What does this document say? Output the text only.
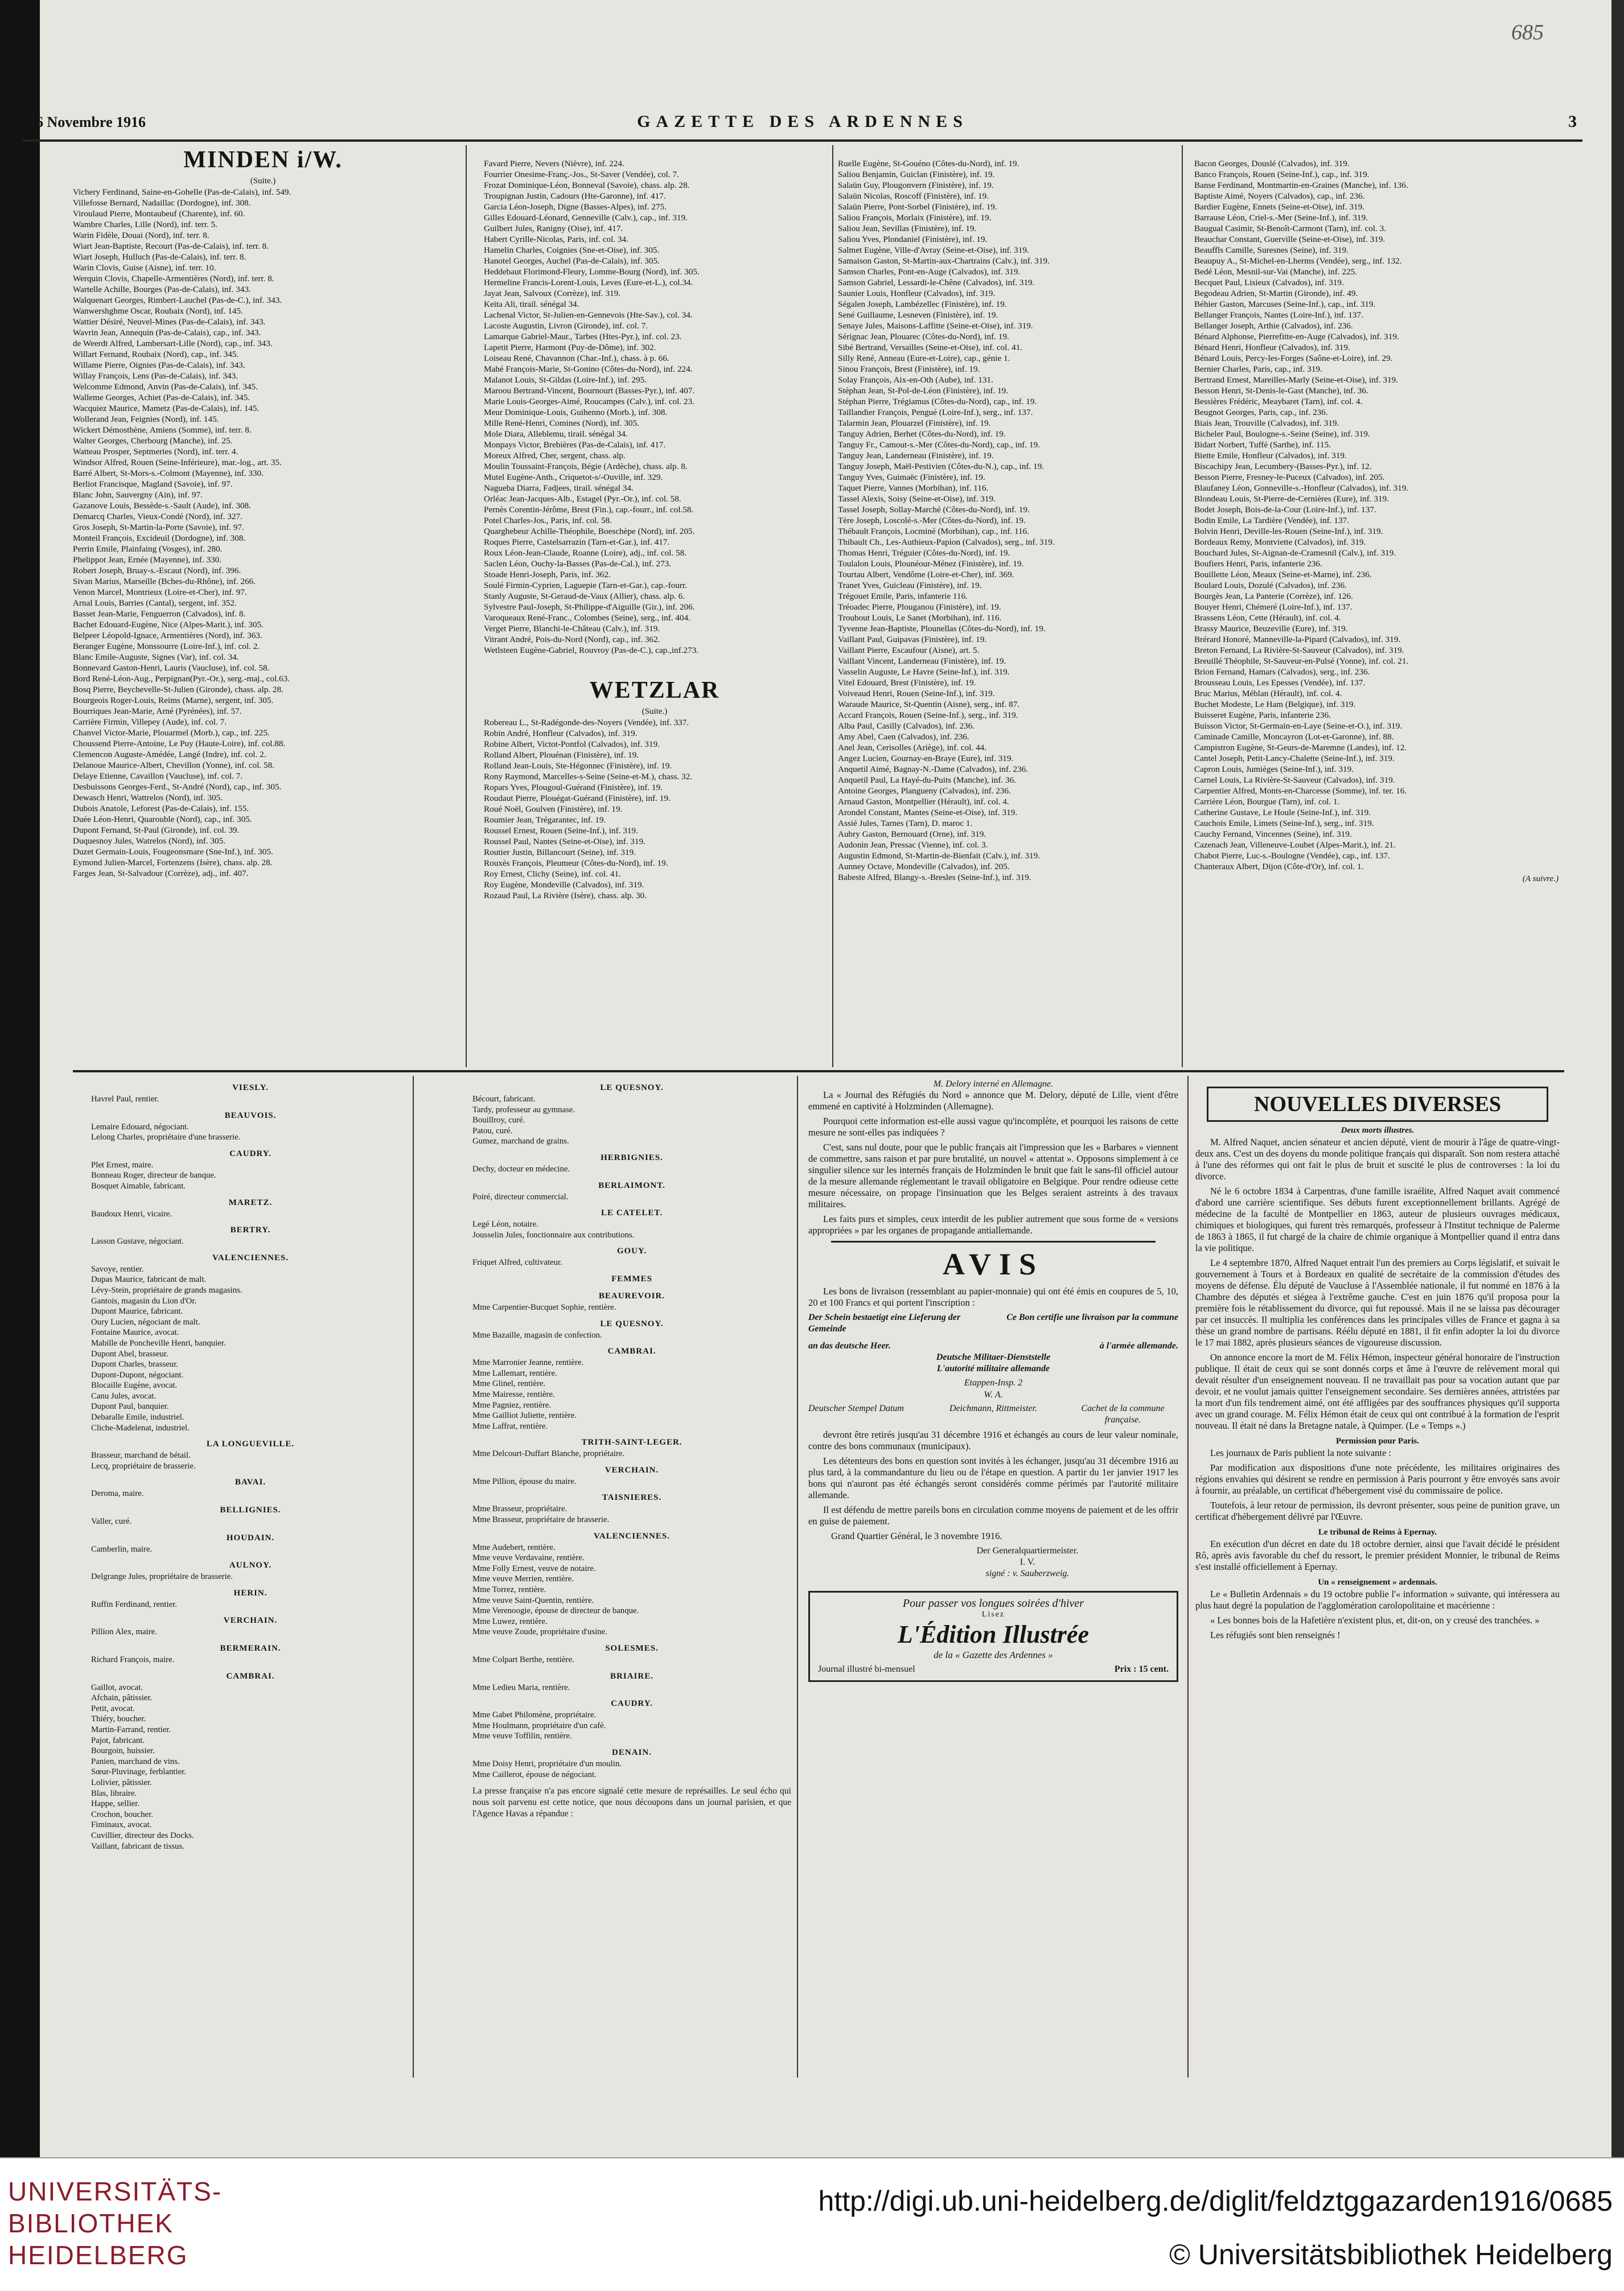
685
16 Novembre 1916	GAZETTE DES ARDENNES	3
MINDEN i/W.
(Suite.)
Vichery Ferdinand, Saine-en-Gohelle (Pas-de-Calais), inf. 549.
Villefosse Bernard, Nadaillac (Dordogne), inf. 308.
Viroulaud Pierre, Montaubeuf (Charente), inf. 60.
Wambre Charles, Lille (Nord), inf. terr. 5.
Warin Fidèle, Douai (Nord), inf. terr. 8.
Wiart Jean-Baptiste, Recourt (Pas-de-Calais), inf. terr. 8.
Wiart Joseph, Hulluch (Pas-de-Calais), inf. terr. 8.
Warin Clovis, Guise (Aisne), inf. terr. 10.
Werquin Clovis, Chapelle-Armentières (Nord), inf. terr. 8.
Wartelle Achille, Bourges (Pas-de-Calais), inf. 343.
Walquenart Georges, Rimbert-Lauchel (Pas-de-C.), inf. 343.
Wanwershghme Oscar, Roubaix (Nord), inf. 145.
Wattier Désiré, Neuvel-Mines (Pas-de-Calais), inf. 343.
Wavrin Jean, Annequin (Pas-de-Calais), cap., inf. 343.
de Weerdt Alfred, Lambersart-Lille (Nord), cap., inf. 343.
Willart Fernand, Roubaix (Nord), cap., inf. 345.
Willame Pierre, Oignies (Pas-de-Calais), inf. 343.
Willay François, Lens (Pas-de-Calais), inf. 343.
Welcomme Edmond, Anvin (Pas-de-Calais), inf. 345.
Walleme Georges, Achiet (Pas-de-Calais), inf. 345.
Wacquiez Maurice, Mametz (Pas-de-Calais), inf. 145.
Wollerand Jean, Feignies (Nord), inf. 145.
Wickert Démosthène, Amiens (Somme), inf. terr. 8.
Walter Georges, Cherbourg (Manche), inf. 25.
Watteau Prosper, Septmeries (Nord), inf. terr. 4.
Windsor Alfred, Rouen (Seine-Inférieure), mar.-log., art. 35.
Barré Albert, St-Mors-s.-Colmont (Mayenne), inf. 330.
Berliot Francisque, Magland (Savoie), inf. 97.
Blanc John, Sauvergny (Ain), inf. 97.
Gazanove Louis, Bessède-s.-Sault (Aude), inf. 308.
Demarcq Charles, Vieux-Condé (Nord), inf. 327.
Gros Joseph, St-Martin-la-Porte (Savoie), inf. 97.
Monteil François, Excideuil (Dordogne), inf. 308.
Perrin Emile, Plainfaing (Vosges), inf. 280.
Phelippot Jean, Ernée (Mayenne), inf. 330.
Robert Joseph, Bruay-s.-Escaut (Nord), inf. 396.
Sivan Marius, Marseille (Bches-du-Rhône), inf. 266.
Venon Marcel, Montrieux (Loire-et-Cher), inf. 97.
Arnal Louis, Barries (Cantal), sergent, inf. 352.
Basset Jean-Marie, Fenguerron (Calvados), inf. 8.
Bachet Edouard-Eugène, Nice (Alpes-Marit.), inf. 305.
Belpeer Léopold-Ignace, Armentières (Nord), inf. 363.
Beranger Eugène, Monssourre (Loire-Inf.), inf. col. 2.
Blanc Emile-Auguste, Signes (Var), inf. col. 34.
Bonnevard Gaston-Henri, Lauris (Vaucluse), inf. col. 58.
Bord René-Léon-Aug., Perpignan(Pyr.-Or.), serg.-maj., col.63.
Bosq Pierre, Beychevelle-St-Julien (Gironde), chass. alp. 28.
Bourgeois Roger-Louis, Reims (Marne), sergent, inf. 305.
Bourriques Jean-Marie, Arné (Pyrénées), inf. 57.
Carrière Firmin, Villepey (Aude), inf. col. 7.
Chanvel Victor-Marie, Plouarmel (Morb.), cap., inf. 225.
Choussend Pierre-Antoine, Le Puy (Haute-Loire), inf. col.88.
Clemencon Auguste-Amédée, Langé (Indre), inf. col. 2.
Delanoue Maurice-Albert, Chevillon (Yonne), inf. col. 58.
Delaye Etienne, Cavaillon (Vaucluse), inf. col. 7.
Desbuissons Georges-Ferd., St-André (Nord), cap., inf. 305.
Dewasch Henri, Wattrelos (Nord), inf. 305.
Dubois Anatole, Leforest (Pas-de-Calais), inf. 155.
Duée Léon-Henri, Quarouble (Nord), cap., inf. 305.
Dupont Fernand, St-Paul (Gironde), inf. col. 39.
Duquesnoy Jules, Watrelos (Nord), inf. 305.
Duzet Germain-Louis, Fougeonsmare (Sne-Inf.), inf. 305.
Eymond Julien-Marcel, Fortenzens (Isère), chass. alp. 28.
Farges Jean, St-Salvadour (Corrèze), adj., inf. 407.
Favard Pierre, Nevers (Nièvre), inf. 224.
Fourrier Onesime-Franç.-Jos., St-Saver (Vendée), col. 7.
Frozat Dominique-Léon, Bonneval (Savoie), chass. alp. 28.
Troupignan Justin, Cadours (Hte-Garonne), inf. 417.
Garcia Léon-Joseph, Digne (Basses-Alpes), inf. 275.
Gilles Edouard-Léonard, Genneville (Calv.), cap., inf. 319.
Guilbert Jules, Ranigny (Oise), inf. 417.
Habert Cyrille-Nicolas, Paris, inf. col. 34.
Hamelin Charles, Coignies (Sne-et-Oise), inf. 305.
Hanotel Georges, Auchel (Pas-de-Calais), inf. 305.
Heddebaut Florimond-Fleury, Lomme-Bourg (Nord), inf. 305.
Hermeline Francis-Lorent-Louis, Leves (Eure-et-L.), col.34.
Jayat Jean, Salvoux (Corrèze), inf. 319.
Keita Ali, tirail. sénégal 34.
Lachenal Victor, St-Julien-en-Gennevois (Hte-Sav.), col. 34.
Lacoste Augustin, Livron (Gironde), inf. col. 7.
Lamarque Gabriel-Maur., Tarbes (Htes-Pyr.), inf. col. 23.
Lapetit Pierre, Harmont (Puy-de-Dôme), inf. 302.
Loiseau René, Chavannon (Char.-Inf.), chass. à p. 66.
Mahé François-Marie, St-Gonino (Côtes-du-Nord), inf. 224.
Malanot Louis, St-Gildas (Loire-Inf.), inf. 295.
Maroou Bertrand-Vincent, Bournourt (Basses-Pyr.), inf. 407.
Marie Louis-Georges-Aimé, Roucampes (Calv.), inf. col. 23.
Meur Dominique-Louis, Guihenno (Morb.), inf. 308.
Mille René-Henri, Comines (Nord), inf. 305.
Mole Diara, Alleblemu, tirail. sénégal 34.
Monpays Victor, Brebières (Pas-de-Calais), inf. 417.
Moreux Alfred, Cher, sergent, chass. alp.
Moulin Toussaint-François, Bégie (Ardèche), chass. alp. 8.
Mutel Eugène-Anth., Criquetot-s/-Ouville, inf. 329.
Nagueba Diarra, Fadjees, tirail. sénégal 34.
Orléac Jean-Jacques-Alb., Estagel (Pyr.-Or.), inf. col. 58.
Pernès Corentin-Jérôme, Brest (Fin.), cap.-fourr., inf. col.58.
Potel Charles-Jos., Paris, inf. col. 58.
Quarghebeur Achille-Théophile, Boeschèpe (Nord), inf. 205.
Roques Pierre, Castelsarrazin (Tarn-et-Gar.), inf. 417.
Roux Léon-Jean-Claude, Roanne (Loire), adj., inf. col. 58.
Saclen Léon, Ouchy-la-Basses (Pas-de-Cal.), inf. 273.
Stoade Henri-Joseph, Paris, inf. 362.
Soulé Firmin-Cyprien, Laguepie (Tarn-et-Gar.), cap.-fourr.
Stanly Auguste, St-Geraud-de-Vaux (Allier), chass. alp. 6.
Sylvestre Paul-Joseph, St-Philippe-d'Aiguille (Gir.), inf. 206.
Varoqueaux René-Franc., Colombes (Seine), serg., inf. 404.
Verget Pierre, Blanchi-le-Château (Calv.), inf. 319.
Vitrant André, Pois-du-Nord (Nord), cap., inf. 362.
Wetlsteen Eugène-Gabriel, Rouvroy (Pas-de-C.), cap.,inf.273.
WETZLAR
(Suite.)
Robereau L., St-Radégonde-des-Noyers (Vendée), inf. 337.
Robin André, Honfleur (Calvados), inf. 319.
Robine Albert, Victot-Pontfol (Calvados), inf. 319.
Rolland Albert, Plouénan (Finistère), inf. 19.
Rolland Jean-Louis, Ste-Hégonnec (Finistère), inf. 19.
Rony Raymond, Marcelles-s-Seine (Seine-et-M.), chass. 32.
Ropars Yves, Plougoul-Guérand (Finistère), inf. 19.
Roudaut Pierre, Plouégat-Guérand (Finistère), inf. 19.
Roué Noël, Goulven (Finistère), inf. 19.
Roumier Jean, Trégarantec, inf. 19.
Roussel Ernest, Rouen (Seine-Inf.), inf. 319.
Roussel Paul, Nantes (Seine-et-Oise), inf. 319.
Routier Justin, Billancourt (Seine), inf. 319.
Rouxès François, Pleumeur (Côtes-du-Nord), inf. 19.
Roy Ernest, Clichy (Seine), inf. col. 41.
Roy Eugène, Mondeville (Calvados), inf. 319.
Rozaud Paul, La Rivière (Isère), chass. alp. 30.
Ruelle Eugène, St-Gouéno (Côtes-du-Nord), inf. 19.
Saliou Benjamin, Guiclan (Finistère), inf. 19.
Salaün Guy, Plougonvern (Finistère), inf. 19.
Salaün Nicolas, Roscoff (Finistère), inf. 19.
Salaün Pierre, Pont-Sorbel (Finistère), inf. 19.
Saliou François, Morlaix (Finistère), inf. 19.
Saliou Jean, Sevillas (Finistère), inf. 19.
Saliou Yves, Plondaniel (Finistère), inf. 19.
Salmet Eugène, Ville-d'Avray (Seine-et-Oise), inf. 319.
Samaison Gaston, St-Martin-aux-Chartrains (Calv.), inf. 319.
Samson Charles, Pont-en-Auge (Calvados), inf. 319.
Samson Gabriel, Lessardi-le-Chêne (Calvados), inf. 319.
Saunier Louis, Honfleur (Calvados), inf. 319.
Ségalen Joseph, Lambézellec (Finistère), inf. 19.
Sené Guillaume, Lesneven (Finistère), inf. 19.
Senaye Jules, Maisons-Laffitte (Seine-et-Oise), inf. 319.
Sérignac Jean, Plouarec (Côtes-du-Nord), inf. 19.
Sibé Bertrand, Versailles (Seine-et-Oise), inf. col. 41.
Silly René, Anneau (Eure-et-Loire), cap., génie 1.
Sinou François, Brest (Finistère), inf. 19.
Solay François, Aix-en-Oth (Aube), inf. 131.
Stéphan Jean, St-Pol-de-Léon (Finistère), inf. 19.
Stéphan Pierre, Trégiamus (Côtes-du-Nord), cap., inf. 19.
Taillandier François, Pengué (Loire-Inf.), serg., inf. 137.
Talarmin Jean, Plouarzel (Finistère), inf. 19.
Tanguy Adrien, Berhet (Côtes-du-Nord), inf. 19.
Tanguy Fr., Camout-s.-Mer (Côtes-du-Nord), cap., inf. 19.
Tanguy Jean, Landerneau (Finistère), inf. 19.
Tanguy Joseph, Maël-Pestivien (Côtes-du-N.), cap., inf. 19.
Tanguy Yves, Guimaëc (Finistère), inf. 19.
Taquet Pierre, Vannes (Morbihan), inf. 116.
Tassel Alexis, Soisy (Seine-et-Oise), inf. 319.
Tassel Joseph, Sollay-Marché (Côtes-du-Nord), inf. 19.
Tère Joseph, Loscolé-s.-Mer (Côtes-du-Nord), inf. 19.
Thébault François, Locminé (Morbihan), cap., inf. 116.
Thibault Ch., Les-Authieux-Papion (Calvados), serg., inf. 319.
Thomas Henri, Tréguier (Côtes-du-Nord), inf. 19.
Toulalon Louis, Plounéour-Ménez (Finistère), inf. 19.
Tourtau Albert, Vendôme (Loire-et-Cher), inf. 369.
Tranet Yves, Guicleau (Finistère), inf. 19.
Trégouet Emile, Paris, infanterie 116.
Tréoadec Pierre, Plouganou (Finistère), inf. 19.
Troubout Louis, Le Sanet (Morbihan), inf. 116.
Tyvenne Jean-Baptiste, Plounellas (Côtes-du-Nord), inf. 19.
Vaillant Paul, Guipavas (Finistère), inf. 19.
Vaillant Pierre, Escaufour (Aisne), art. 5.
Vaillant Vincent, Landerneau (Finistère), inf. 19.
Vasselin Auguste, Le Havre (Seine-Inf.), inf. 319.
Vitel Edouard, Brest (Finistère), inf. 19.
Voiveaud Henri, Rouen (Seine-Inf.), inf. 319.
Waraude Maurice, St-Quentin (Aisne), serg., inf. 87.
Accard François, Rouen (Seine-Inf.), serg., inf. 319.
Alba Paul, Casilly (Calvados), inf. 236.
Amy Abel, Caen (Calvados), inf. 236.
Anel Jean, Cerisolles (Ariège), inf. col. 44.
Angez Lucien, Gournay-en-Braye (Eure), inf. 319.
Anquetil Aimé, Bagnay-N.-Dame (Calvados), inf. 236.
Anquetil Paul, La Hayé-du-Puits (Manche), inf. 36.
Antoine Georges, Plangueny (Calvados), inf. 236.
Arnaud Gaston, Montpellier (Hérault), inf. col. 4.
Arondel Constant, Mantes (Seine-et-Oise), inf. 319.
Assié Jules, Tarnes (Tarn), D. maroc 1.
Aubry Gaston, Bernouard (Orne), inf. 319.
Audonin Jean, Pressac (Vienne), inf. col. 3.
Augustin Edmond, St-Martin-de-Bienfait (Calv.), inf. 319.
Aunney Octave, Mondeville (Calvados), inf. 205.
Babeste Alfred, Blangy-s.-Bresles (Seine-Inf.), inf. 319.
Bacon Georges, Douslé (Calvados), inf. 319.
Banco François, Rouen (Seine-Inf.), cap., inf. 319.
Banse Ferdinand, Montmartin-en-Graines (Manche), inf. 136.
Baptiste Aimé, Noyers (Calvados), cap., inf. 236.
Bardier Eugène, Ennets (Seine-et-Oise), inf. 319.
Barrause Léon, Criel-s.-Mer (Seine-Inf.), inf. 319.
Baugual Casimir, St-Benoît-Carmont (Tarn), inf. col. 3.
Beauchar Constant, Guerville (Seine-et-Oise), inf. 319.
Beauffls Camille, Suresnes (Seine), inf. 319.
Beaupuy A., St-Michel-en-Lherms (Vendée), serg., inf. 132.
Bedé Léon, Mesnil-sur-Vai (Manche), inf. 225.
Becquet Paul, Lisieux (Calvados), inf. 319.
Begodeau Adrien, St-Martin (Gironde), inf. 49.
Béhier Gaston, Marcuses (Seine-Inf.), cap., inf. 319.
Bellanger François, Nantes (Loire-Inf.), inf. 137.
Bellanger Joseph, Arthie (Calvados), inf. 236.
Bénard Alphonse, Pierrefitte-en-Auge (Calvados), inf. 319.
Bénard Henri, Honfleur (Calvados), inf. 319.
Bénard Louis, Percy-les-Forges (Saône-et-Loire), inf. 29.
Bernier Charles, Paris, cap., inf. 319.
Bertrand Ernest, Mareilles-Marly (Seine-et-Oise), inf. 319.
Besson Henri, St-Denis-le-Gast (Manche), inf. 36.
Bessières Frédéric, Meaybaret (Tarn), inf. col. 4.
Beugnot Georges, Paris, cap., inf. 236.
Biais Jean, Trouville (Calvados), inf. 319.
Bicheler Paul, Boulogne-s.-Seine (Seine), inf. 319.
Bidart Norbert, Tuffé (Sarthe), inf. 115.
Biette Emile, Honfleur (Calvados), inf. 319.
Biscachipy Jean, Lecumbery-(Basses-Pyr.), inf. 12.
Besson Pierre, Fresney-le-Puceux (Calvados), inf. 205.
Blaufaney Léon, Gonneville-s.-Honfleur (Calvados), inf. 319.
Blondeau Louis, St-Pierre-de-Cernières (Eure), inf. 319.
Bodet Joseph, Bois-de-la-Cour (Loire-Inf.), inf. 137.
Bodin Emile, La Tardière (Vendée), inf. 137.
Bolvin Henri, Deville-les-Rouen (Seine-Inf.), inf. 319.
Bordeaux Remy, Montviette (Calvados), inf. 319.
Bouchard Jules, St-Aignan-de-Cramesnil (Calv.), inf. 319.
Boufiers Henri, Paris, infanterie 236.
Bouillette Léon, Meaux (Seine-et-Marne), inf. 236.
Boulard Louis, Dozulé (Calvados), inf. 236.
Bourgès Jean, La Panterie (Corrèze), inf. 126.
Bouyer Henri, Chémeré (Loire-Inf.), inf. 137.
Brassens Léon, Cette (Hérault), inf. col. 4.
Brassy Maurice, Beuzeville (Eure), inf. 319.
Brérard Honoré, Manneville-la-Pipard (Calvados), inf. 319.
Breton Fernand, La Rivière-St-Sauveur (Calvados), inf. 319.
Breuillé Théophile, St-Sauveur-en-Pulsé (Yonne), inf. col. 21.
Brion Fernand, Hamars (Calvados), serg., inf. 236.
Brousseau Louis, Les Epesses (Vendée), inf. 137.
Bruc Marius, Méblan (Hérault), inf. col. 4.
Buchet Modeste, Le Ham (Belgique), inf. 319.
Buisseret Eugène, Paris, infanterie 236.
Buisson Victor, St-Germain-en-Laye (Seine-et-O.), inf. 319.
Caminade Camille, Moncayron (Lot-et-Garonne), inf. 88.
Campistron Eugène, St-Geurs-de-Maremne (Landes), inf. 12.
Cantel Joseph, Petit-Lancy-Chalette (Seine-Inf.), inf. 319.
Capron Louis, Jumièges (Seine-Inf.), inf. 319.
Carnel Louis, La Rivière-St-Sauveur (Calvados), inf. 319.
Carpentier Alfred, Monts-en-Charcesse (Somme), inf. ter. 16.
Carrière Léon, Bourgue (Tarn), inf. col. 1.
Catherine Gustave, Le Houle (Seine-Inf.), inf. 319.
Cauchois Emile, Limets (Seine-Inf.), serg., inf. 319.
Cauchy Fernand, Vincennes (Seine), inf. 319.
Cazenach Jean, Villeneuve-Loubet (Alpes-Marit.), inf. 21.
Chabot Pierre, Luc-s.-Boulogne (Vendée), cap., inf. 137.
Chanteraux Albert, Dijon (Côte-d'Or), inf. col. 1.
(A suivre.)
VIESLY.
Havrel Paul, rentier.
BEAUVOIS.
Lemaire Edouard, négociant.
Lelong Charles, propriétaire d'une brasserie.
CAUDRY.
Plet Ernest, maire.
Bonneau Roger, directeur de banque.
Bosquet Aimable, fabricant.
MARETZ.
Baudoux Henri, vicaire.
BERTRY.
Lasson Gustave, négociant.
VALENCIENNES.
Savoye, rentier.
Dupas Maurice, fabricant de malt.
Lévy-Stein, propriétaire de grands magasins.
Gantois, magasin du Lion d'Or.
Dupont Maurice, fabricant.
Oury Lucien, négociant de malt.
Fontaine Maurice, avocat.
Mabille de Poncheville Henri, banquier.
Dupont Abel, brasseur.
Dupont Charles, brasseur.
Dupont-Dupont, négociant.
Blocaille Eugène, avocat.
Canu Jules, avocat.
Dupont Paul, banquier.
Debaralle Emile, industriel.
Cliche-Madelenat, industriel.
LA LONGUEVILLE.
Brasseur, marchand de bétail.
Lecq, propriétaire de brasserie.
BAVAI.
Deroma, maire.
BELLIGNIES.
Valler, curé.
HOUDAIN.
Camberlin, maire.
AULNOY.
Delgrange Jules, propriétaire de brasserie.
HERIN.
Ruffin Ferdinand, rentier.
VERCHAIN.
Pillion Alex, maire.
BERMERAIN.
Richard François, maire.
CAMBRAI.
Gaillot, avocat.
Afchain, pâtissier.
Petit, avocat.
Thiéry, boucher.
Martin-Farrand, rentier.
Pajot, fabricant.
Bourgoin, huissier.
Panien, marchand de vins.
Sœur-Pluvinage, ferblantier.
Lolivier, pâtissier.
Blas, libraire.
Happe, sellier.
Crochon, boucher.
Fiminaux, avocat.
Cuvillier, directeur des Docks.
Vaillant, fabricant de tissus.
LE QUESNOY.
Bécourt, fabricant.
Tardy, professeur au gymnase.
Bouillroy, curé.
Patou, curé.
Gumez, marchand de grains.
HERBIGNIES.
Dechy, docteur en médecine.
BERLAIMONT.
Poiré, directeur commercial.
LE CATELET.
Legé Léon, notaire.
Jousselin Jules, fonctionnaire aux contributions.
GOUY.
Friquet Alfred, cultivateur.
FEMMES
BEAUREVOIR.
Mme Carpentier-Bucquet Sophie, rentière.
LE QUESNOY.
Mme Bazaille, magasin de confection.
CAMBRAI.
Mme Marronier Jeanne, rentière.
Mme Lallemart, rentière.
Mme Glinel, rentière.
Mme Mairesse, rentière.
Mme Pagniez, rentière.
Mme Gailliot Juliette, rentière.
Mme Laffrat, rentière.
TRITH-SAINT-LEGER.
Mme Delcourt-Duffart Blanche, propriétaire.
VERCHAIN.
Mme Pillion, épouse du maire.
TAISNIERES.
Mme Brasseur, propriétaire.
Mme Brasseur, propriétaire de brasserie.
VALENCIENNES.
Mme Audebert, rentière.
Mme veuve Verdavaine, rentière.
Mme Folly Ernest, veuve de notaire.
Mme veuve Merrien, rentière.
Mme Torrez, rentière.
Mme veuve Saint-Quentin, rentière.
Mme Verenoogie, épouse de directeur de banque.
Mme Luwez, rentière.
Mme veuve Zoude, propriétaire d'usine.
SOLESMES.
Mme Colpart Berthe, rentière.
BRIAIRE.
Mme Ledieu Maria, rentière.
CAUDRY.
Mme Gabet Philomène, propriétaire.
Mme Houlmann, propriétaire d'un café.
Mme veuve Toffilin, rentière.
DENAIN.
Mme Doisy Henri, propriétaire d'un moulin.
Mme Caillerot, épouse de négociant.
La presse française n'a pas encore signalé cette mesure de représailles. Le seul écho qui nous soit parvenu est cette notice, que nous découpons dans un journal parisien, et que l'Agence Havas a répandue :
M. Delory interné en Allemagne.
La « Journal des Réfugiés du Nord » annonce que M. Delory, député de Lille, vient d'être emmené en captivité à Holzminden (Allemagne).
Pourquoi cette information est-elle aussi vague qu'incomplète, et pourquoi les raisons de cette mesure ne sont-elles pas indiquées ?
C'est, sans nul doute, pour que le public français ait l'impression que les « Barbares » viennent de commettre, sans raison et par pure brutalité, un nouvel « attentat ». Opposons simplement à ce singulier silence sur les internés français de Holzminden le bruit que fait le sans-fil officiel autour de la mesure allemande réglementant le travail obligatoire en Belgique. Pour rendre odieuse cette mesure nécessaire, on propage l'insinuation que les Belges seraient astreints à des travaux militaires.
Les faits purs et simples, ceux interdit de les publier autrement que sous forme de « versions appropriées » par les organes de propagande antiallemande.
AVIS
Les bons de livraison (ressemblant au papier-monnaie) qui ont été émis en coupures de 5, 10, 20 et 100 Francs et qui portent l'inscription :
Der Schein bestaetigt eine Lieferung der Gemeinde
Ce Bon certifie une livraison par la commune
an das deutsche Heer.	à l'armée allemande.
Deutsche Militaer-Dienststelle
L'autorité militaire allemande
Etappen-Insp. 2
W. A.
Deutscher Stempel Datum	Deichmann, Rittmeister.	Cachet de la commune française.
devront être retirés jusqu'au 31 décembre 1916 et échangés au cours de leur valeur nominale, contre des bons communaux (municipaux).
Les détenteurs des bons en question sont invités à les échanger, jusqu'au 31 décembre 1916 au plus tard, à la commandanture du lieu ou de l'étape en question. A partir du 1er janvier 1917 les bons qui n'auront pas été échangés seront considérés comme périmés par l'autorité militaire allemande.
Il est défendu de mettre pareils bons en circulation comme moyens de paiement et de les offrir en guise de paiement.
Grand Quartier Général, le 3 novembre 1916.
Der Generalquartiermeister.
I. V.
signé : v. Sauberzweig.
Pour passer vos longues soirées d'hiver
Lisez
L'Édition Illustrée
de la « Gazette des Ardennes »
Journal illustré bi-mensuel	Prix : 15 cent.
NOUVELLES DIVERSES
Deux morts illustres.
M. Alfred Naquet, ancien sénateur et ancien député, vient de mourir à l'âge de quatre-vingt-deux ans. C'est un des doyens du monde politique français qui disparaît. Son nom restera attaché à l'une des réformes qui ont fait le plus de bruit et suscité le plus de controverses : la loi du divorce.
Né le 6 octobre 1834 à Carpentras, d'une famille israélite, Alfred Naquet avait commencé d'abord une carrière scientifique. Ses débuts furent exceptionnellement brillants. Agrégé de médecine de la faculté de Montpellier en 1863, auteur de plusieurs ouvrages médicaux, chimiques et biologiques, qui furent très remarqués, professeur à l'Institut technique de Palerme de 1863 à 1865, il fut chargé de la chaire de chimie organique à Montpellier quand il entra dans la vie politique.
Le 4 septembre 1870, Alfred Naquet entrait l'un des premiers au Corps législatif, et suivait le gouvernement à Tours et à Bordeaux en qualité de secrétaire de la commission d'études des moyens de défense. Élu député de Vaucluse à l'Assemblée nationale, il fut nommé en 1876 à la Chambre des députés et siégea à l'extrême gauche. C'est en juin 1876 qu'il proposa pour la première fois le rétablissement du divorce, qui fut repoussé. Mais il ne se laissa pas décourager par cet insuccès. Il multiplia les conférences dans les principales villes de France et gagna à sa thèse un grand nombre de partisans. Réélu député en 1881, il fit enfin adopter la loi du divorce le 17 mai 1882, après plusieurs séances de vigoureuse discussion.
On annonce encore la mort de M. Félix Hémon, inspecteur général honoraire de l'instruction publique. Il était de ceux qui se sont donnés corps et âme à l'œuvre de relèvement moral qui devait résulter d'un enseignement nouveau. Il ne travaillait pas pour sa vocation autant que par devoir, et ne voulut jamais quitter l'enseignement secondaire. Ses dernières années, attristées par la mort d'un fils tendrement aimé, ont été affligées par des souffrances physiques qu'il supporta avec un grand courage. M. Félix Hémon était de ceux qui ont contribué à la formation de l'esprit nouveau. Il était né dans la Bretagne natale, à Quimper. (Le « Temps ».)
Permission pour Paris.
Les journaux de Paris publient la note suivante :
Par modification aux dispositions d'une note précédente, les militaires originaires des régions envahies qui désirent se rendre en permission à Paris pourront y être envoyés sans avoir à fournir, au préalable, un certificat d'hébergement visé du commissaire de police.
Toutefois, à leur retour de permission, ils devront présenter, sous peine de punition grave, un certificat d'hébergement délivré par l'Œuvre.
Le tribunal de Reims à Epernay.
En exécution d'un décret en date du 18 octobre dernier, ainsi que l'avait décidé le président Rô, après avis favorable du chef du ressort, le premier président Monnier, le tribunal de Reims s'est installé officiellement à Epernay.
Un « renseignement » ardennais.
Le « Bulletin Ardennais » du 19 octobre publie l'« information » suivante, qui intéressera au plus haut degré la population de l'agglomération carolopolitaine et macérienne :
« Les bonnes bois de la Hafetière n'existent plus, et, dit-on, on y creusé des tranchées. »
Les réfugiés sont bien renseignés !
UNIVERSITÄTS-
BIBLIOTHEK
HEIDELBERG
http://digi.ub.uni-heidelberg.de/diglit/feldztggazarden1916/0685
© Universitätsbibliothek Heidelberg
